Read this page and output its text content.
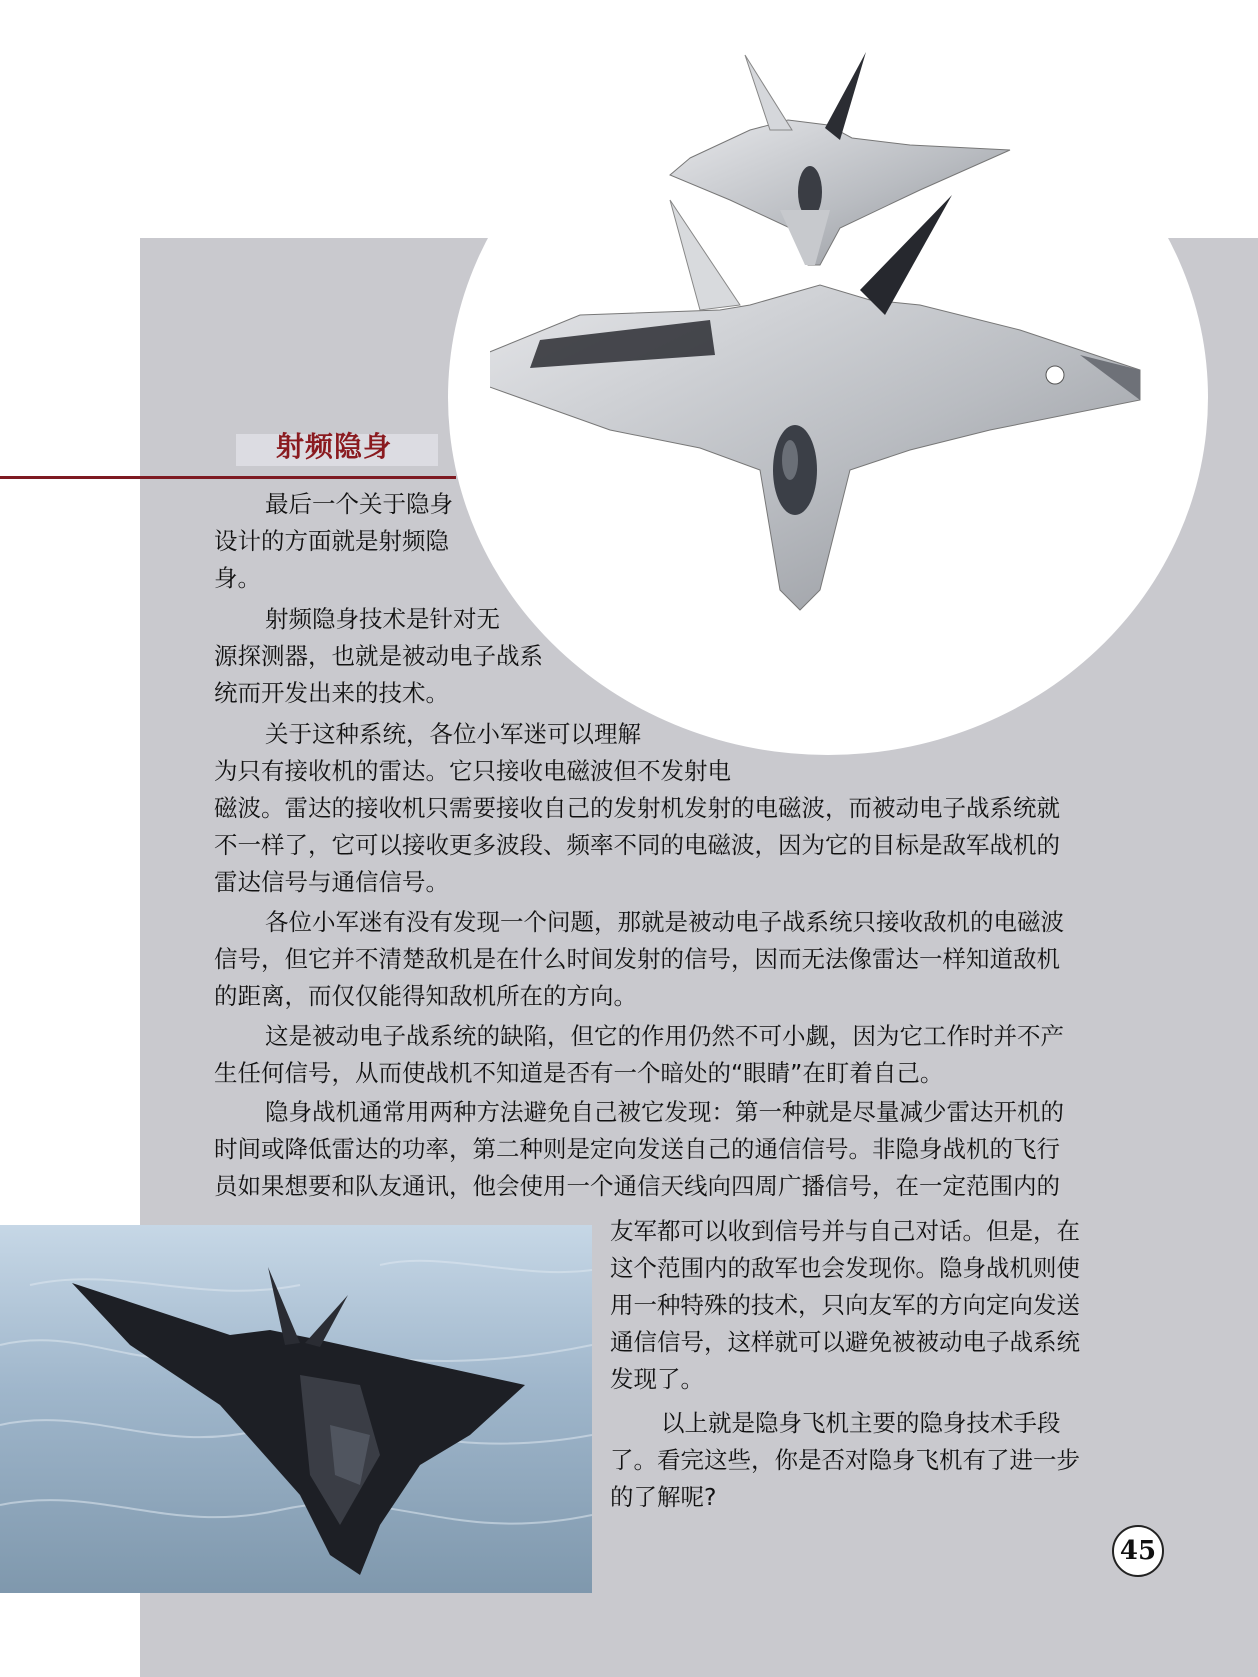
射频隐身

最后一个关于隐身
设计的方面就是射频隐
身。

射频隐身技术是针对无
源探测器，也就是被动电子战系
统而开发出来的技术。

关于这种系统，各位小军迷可以理解
为只有接收机的雷达。它只接收电磁波但不发射电
磁波。雷达的接收机只需要接收自己的发射机发射的电磁波，而被动电子战系统就
不一样了，它可以接收更多波段、频率不同的电磁波，因为它的目标是敌军战机的
雷达信号与通信信号。

各位小军迷有没有发现一个问题，那就是被动电子战系统只接收敌机的电磁波
信号，但它并不清楚敌机是在什么时间发射的信号，因而无法像雷达一样知道敌机
的距离，而仅仅能得知敌机所在的方向。

这是被动电子战系统的缺陷，但它的作用仍然不可小觑，因为它工作时并不产
生任何信号，从而使战机不知道是否有一个暗处的“眼睛”在盯着自己。

隐身战机通常用两种方法避免自己被它发现：第一种就是尽量减少雷达开机的
时间或降低雷达的功率，第二种则是定向发送自己的通信信号。非隐身战机的飞行
员如果想要和队友通讯，他会使用一个通信天线向四周广播信号，在一定范围内的

友军都可以收到信号并与自己对话。但是，在
这个范围内的敌军也会发现你。隐身战机则使
用一种特殊的技术，只向友军的方向定向发送
通信信号，这样就可以避免被被动电子战系统
发现了。

以上就是隐身飞机主要的隐身技术手段
了。看完这些，你是否对隐身飞机有了进一步
的了解呢?

45
